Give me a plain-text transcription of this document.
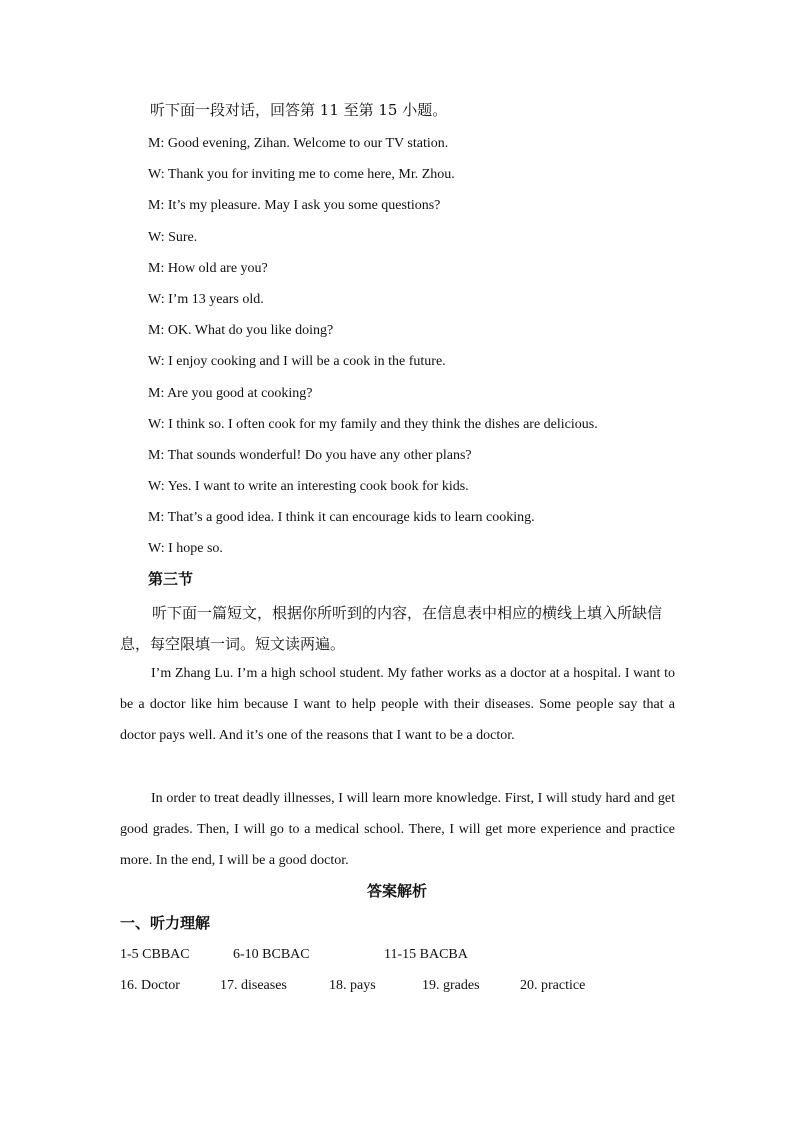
听下面一段对话，回答第 11 至第 15 小题。
M: Good evening, Zihan. Welcome to our TV station.
W: Thank you for inviting me to come here, Mr. Zhou.
M: It’s my pleasure. May I ask you some questions?
W: Sure.
M: How old are you?
W: I’m 13 years old.
M: OK. What do you like doing?
W: I enjoy cooking and I will be a cook in the future.
M: Are you good at cooking?
W: I think so. I often cook for my family and they think the dishes are delicious.
M: That sounds wonderful! Do you have any other plans?
W: Yes. I want to write an interesting cook book for kids.
M: That’s a good idea. I think it can encourage kids to learn cooking.
W: I hope so.
第三节

听下面一篇短文，根据你所听到的内容，在信息表中相应的横线上填入所缺信息，每空限填一词。短文读两遍。

I’m Zhang Lu. I’m a high school student. My father works as a doctor at a hospital. I want to be a doctor like him because I want to help people with their diseases. Some people say that a doctor pays well. And it’s one of the reasons that I want to be a doctor.

In order to treat deadly illnesses, I will learn more knowledge. First, I will study hard and get good grades. Then, I will go to a medical school. There, I will get more experience and practice more. In the end, I will be a good doctor.

答案解析
一、听力理解
1-5 CBBAC	6-10 BCBAC	11-15 BACBA
16. Doctor	17. diseases	18. pays	19. grades	20. practice
